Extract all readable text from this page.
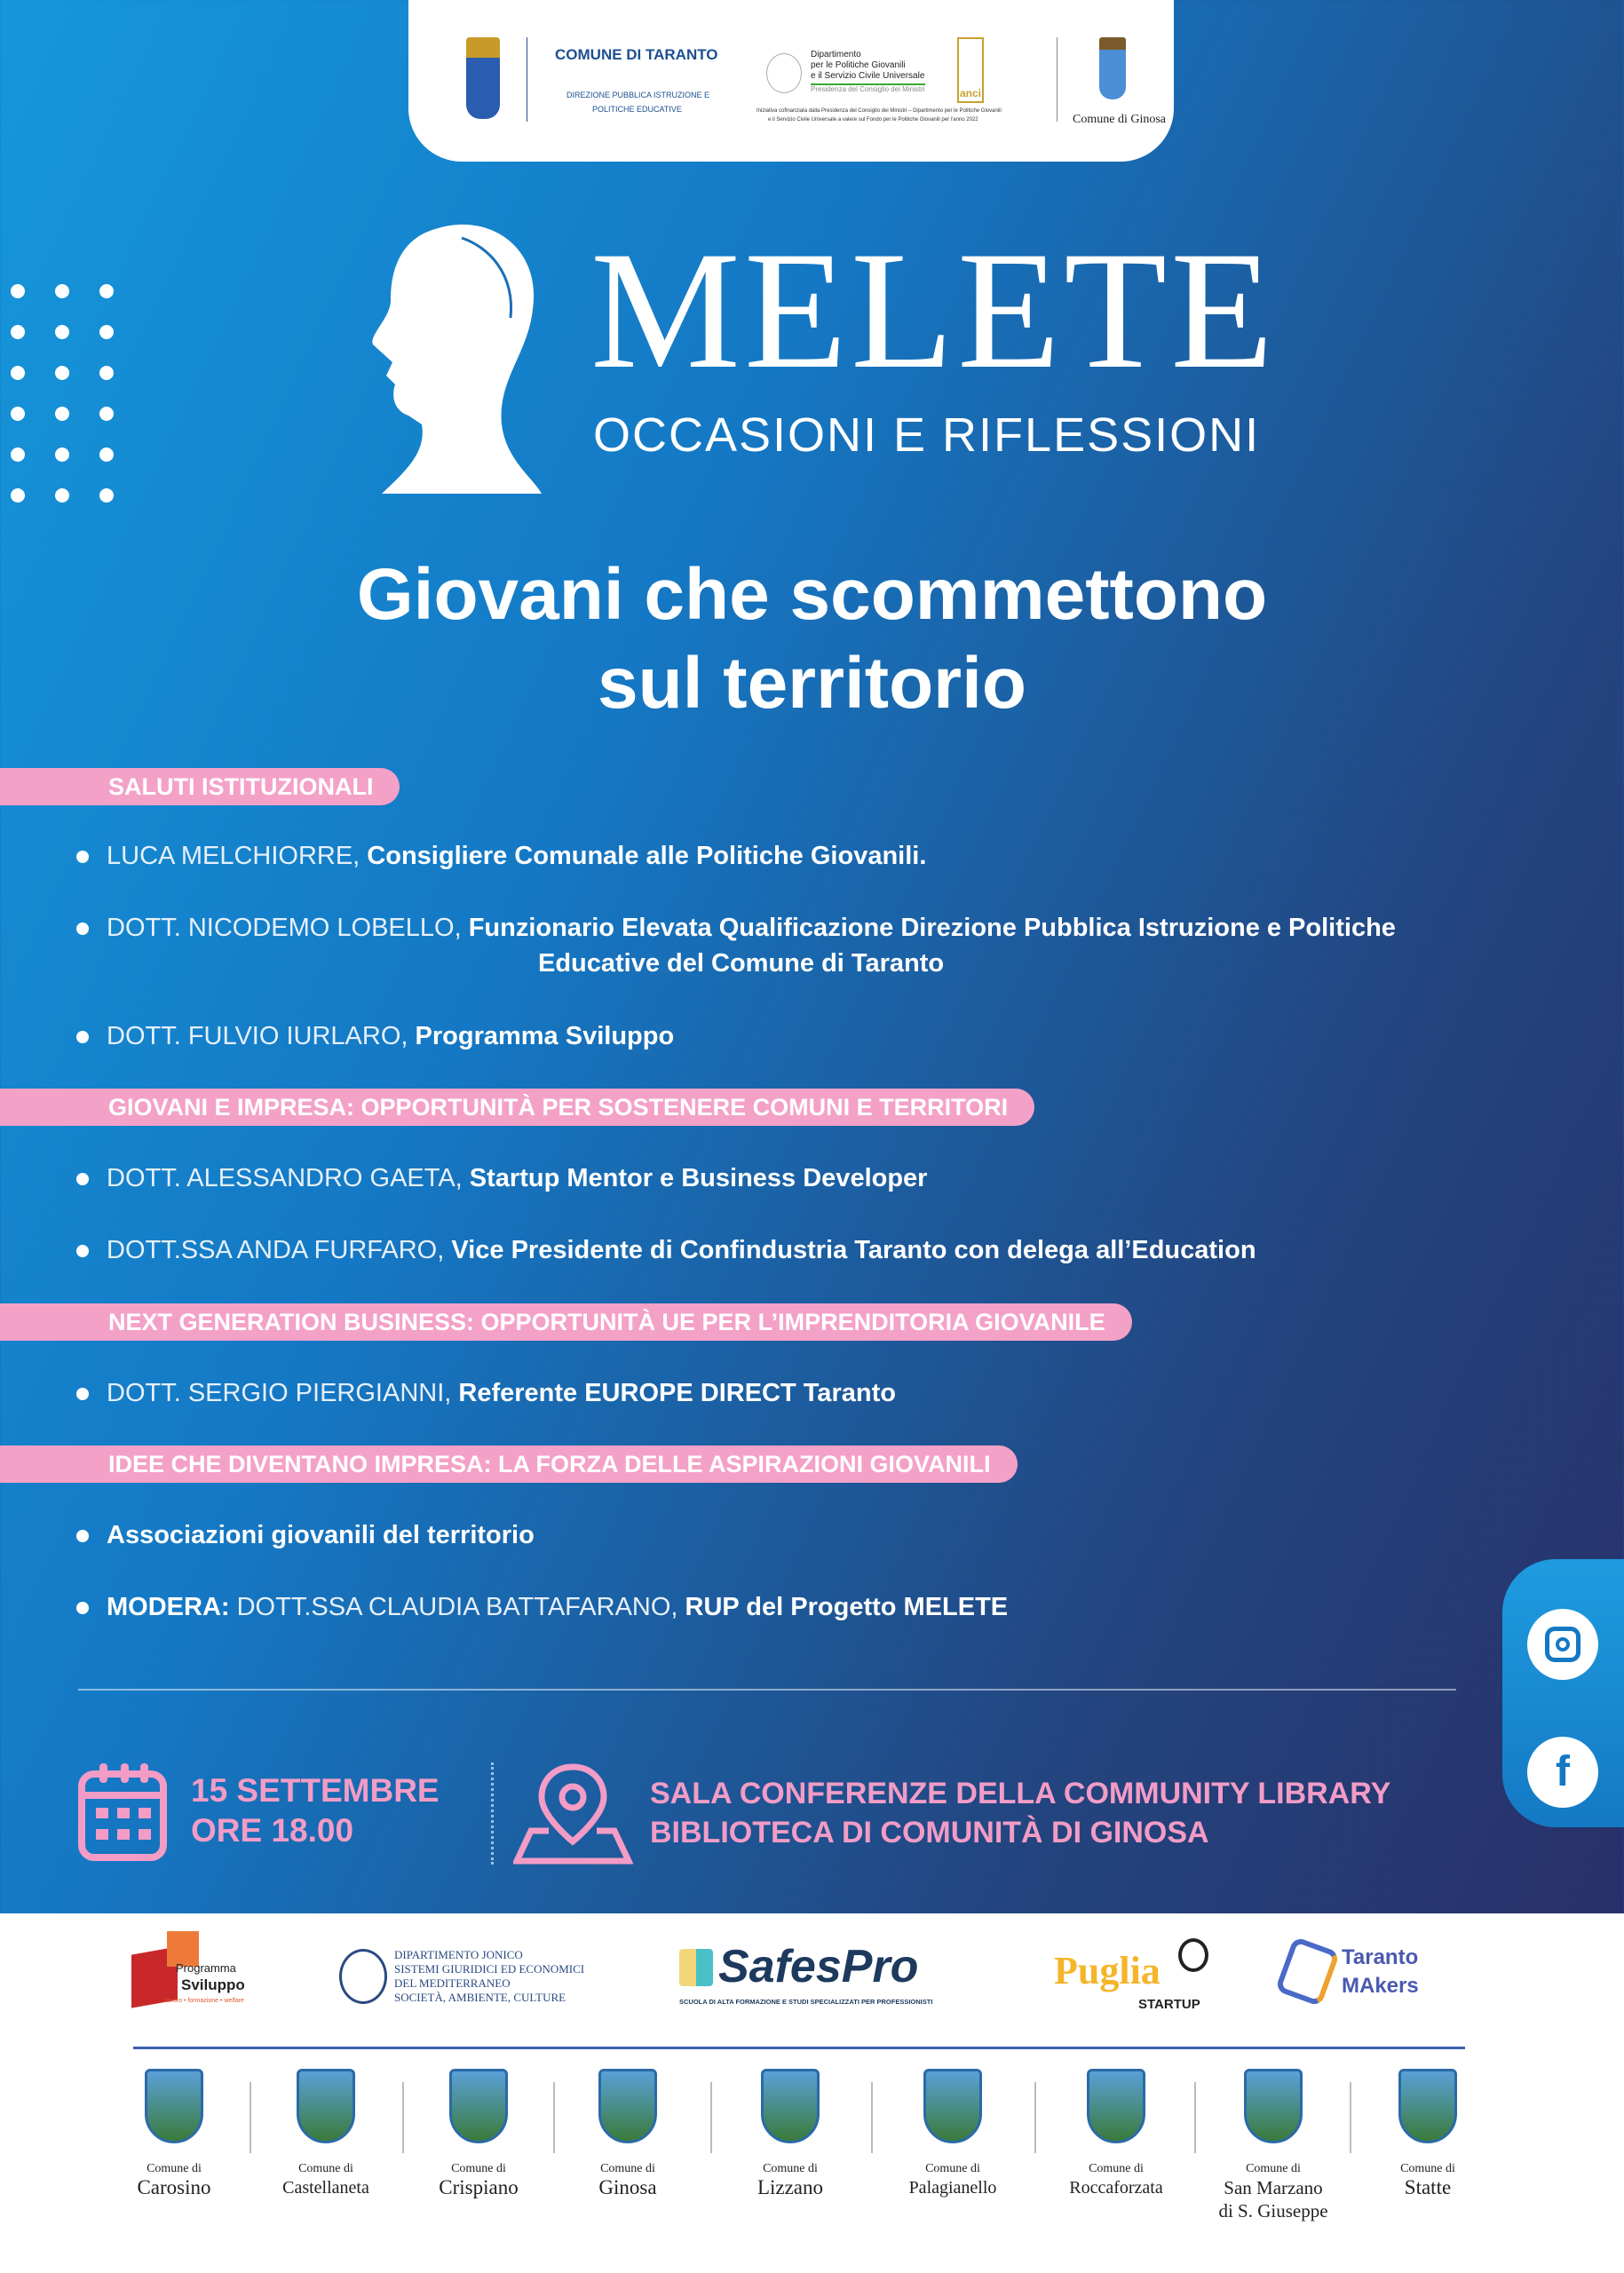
COMUNE DI TARANTO
DIREZIONE PUBBLICA ISTRUZIONE E
POLITICHE EDUCATIVE
Dipartimento
per le Politiche Giovanili
e il Servizio Civile Universale
Presidenza del Consiglio dei Ministri	anci
Iniziativa cofinanziata dalla Presidenza del Consiglio dei Ministri – Dipartimento per le Politiche Giovanili
e il Servizio Civile Universale a valere sul Fondo per le Politiche Giovanili per l'anno 2022	Comune di Ginosa
MELETE
OCCASIONI E RIFLESSIONI
Giovani che scommettono
sul territorio
SALUTI ISTITUZIONALI
LUCA MELCHIORRE, Consigliere Comunale alle Politiche Giovanili.
DOTT. NICODEMO LOBELLO, Funzionario Elevata Qualificazione Direzione Pubblica Istruzione e Politiche
Educative del Comune di Taranto
DOTT. FULVIO IURLARO, Programma Sviluppo
GIOVANI E IMPRESA: OPPORTUNITÀ PER SOSTENERE COMUNI E TERRITORI
DOTT. ALESSANDRO GAETA, Startup Mentor e Business Developer
DOTT.SSA ANDA FURFARO, Vice Presidente di Confindustria Taranto con delega all’Education
NEXT GENERATION BUSINESS: OPPORTUNITÀ UE PER L’IMPRENDITORIA GIOVANILE
DOTT. SERGIO PIERGIANNI, Referente EUROPE DIRECT Taranto
IDEE CHE DIVENTANO IMPRESA: LA FORZA DELLE ASPIRAZIONI GIOVANILI
Associazioni giovanili del territorio
MODERA: DOTT.SSA CLAUDIA BATTAFARANO, RUP del Progetto MELETE
15 SETTEMBRE
ORE 18.00
SALA CONFERENZE DELLA COMMUNITY LIBRARY
BIBLIOTECA DI COMUNITÀ DI GINOSA
f
Programma
Sviluppo
lavoro • formazione • welfare
DIPARTIMENTO JONICO
SISTEMI GIURIDICI ED ECONOMICI
DEL MEDITERRANEO
SOCIETÀ, AMBIENTE, CULTURE
SafesPro
SCUOLA DI ALTA FORMAZIONE E STUDI SPECIALIZZATI PER PROFESSIONISTI
Puglia
STARTUP
Taranto
MAkers
Comune di
Carosino
Comune di
Castellaneta
Comune di
Crispiano
Comune di
Ginosa
Comune di
Lizzano
Comune di
Palagianello
Comune di
Roccaforzata
Comune di
San Marzano
di S. Giuseppe
Comune di
Statte
